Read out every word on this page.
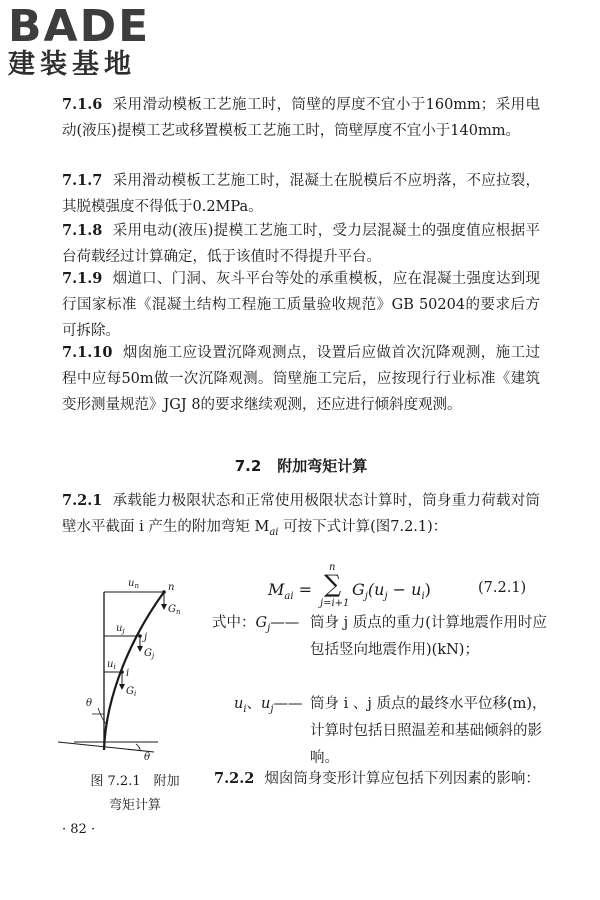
BADE
建装基地

7.1.6 采用滑动模板工艺施工时，筒壁的厚度不宜小于160mm；采用电动(液压)提模工艺或移置模板工艺施工时，筒壁厚度不宜小于140mm。

7.1.7 采用滑动模板工艺施工时，混凝土在脱模后不应坍落，不应拉裂，其脱模强度不得低于0.2MPa。

7.1.8 采用电动(液压)提模工艺施工时，受力层混凝土的强度值应根据平台荷载经过计算确定，低于该值时不得提升平台。

7.1.9 烟道口、门洞、灰斗平台等处的承重模板，应在混凝土强度达到现行国家标准《混凝土结构工程施工质量验收规范》GB 50204的要求后方可拆除。

7.1.10 烟囱施工应设置沉降观测点，设置后应做首次沉降观测，施工过程中应每50m做一次沉降观测。筒壁施工完后，应按现行行业标准《建筑变形测量规范》JGJ 8的要求继续观测，还应进行倾斜度观测。

7.2 附加弯矩计算

7.2.1 承载能力极限状态和正常使用极限状态计算时，筒身重力荷载对筒壁水平截面 i 产生的附加弯矩 $M_{ai}$ 可按下式计算(图7.2.1)：

$M_{ai}$ =
n
∑
j=i+1
$G_j(u_j - u_i)$	(7.2.1)
式中：$G_j——$ 筒身 j 质点的重力(计算地震作用时应包括竖向地震作用)(kN)；
$u_i$、$u_j——$ 筒身 i 、j 质点的最终水平位移(m)，计算时包括日照温差和基础倾斜的影响。

7.2.2 烟囱筒身变形计算应包括下列因素的影响：

$u_n$	n
$G_n$
$u_j$
j
$G_j$
$u_i$
i
$G_i$
θ
θ
图 7.2.1　附加
弯矩计算
· 82 ·
